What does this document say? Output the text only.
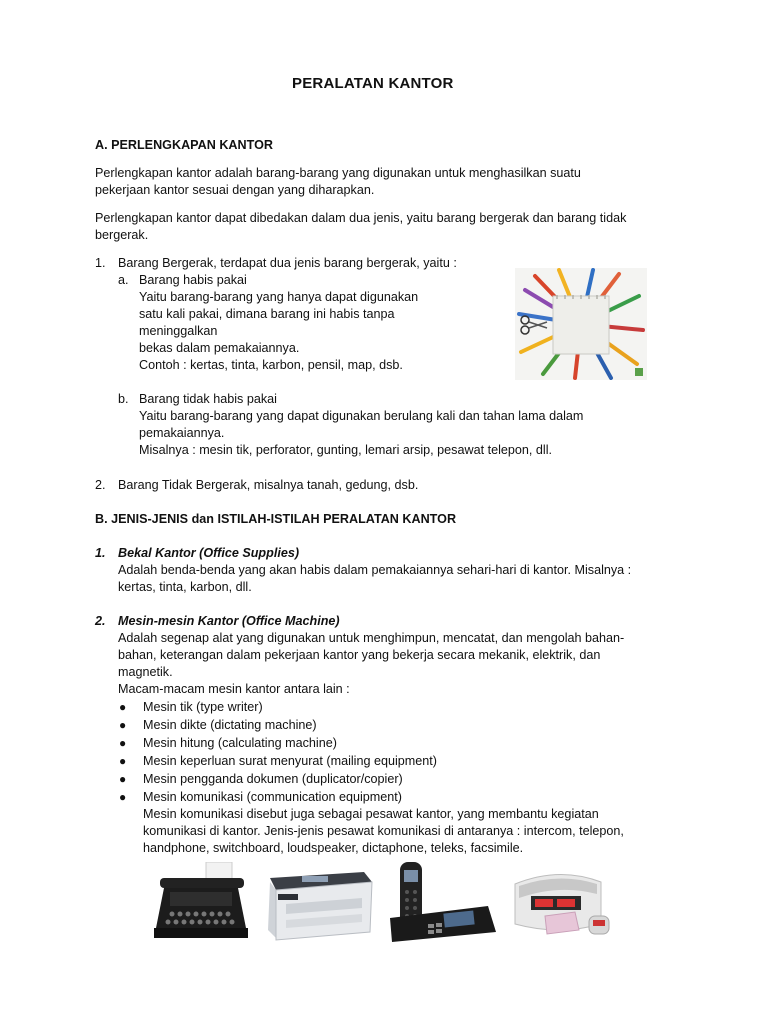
PERALATAN KANTOR
A. PERLENGKAPAN KANTOR
Perlengkapan kantor adalah barang-barang yang digunakan untuk menghasilkan suatu
pekerjaan kantor sesuai dengan yang diharapkan.
Perlengkapan kantor dapat dibedakan dalam dua jenis, yaitu barang bergerak dan barang tidak
bergerak.
1. Barang Bergerak, terdapat dua jenis barang bergerak, yaitu :
a. Barang habis pakai
Yaitu barang-barang yang hanya dapat digunakan
satu kali pakai, dimana barang ini habis tanpa
meninggalkan
bekas dalam pemakaiannya.
Contoh : kertas, tinta, karbon, pensil, map, dsb.
b. Barang tidak habis pakai
Yaitu barang-barang yang dapat digunakan berulang kali dan tahan lama dalam
pemakaiannya.
Misalnya : mesin tik, perforator, gunting, lemari arsip, pesawat telepon, dll.
2. Barang Tidak Bergerak, misalnya tanah, gedung, dsb.
B. JENIS-JENIS dan ISTILAH-ISTILAH PERALATAN KANTOR
1. Bekal Kantor (Office Supplies)
Adalah benda-benda yang akan habis dalam pemakaiannya sehari-hari di kantor. Misalnya :
kertas, tinta, karbon, dll.
2. Mesin-mesin Kantor (Office Machine)
Adalah segenap alat yang digunakan untuk menghimpun, mencatat, dan mengolah bahan-
bahan, keterangan dalam pekerjaan kantor yang bekerja secara mekanik, elektrik, dan
magnetik.
Macam-macam mesin kantor antara lain :
● Mesin tik (type writer)
● Mesin dikte (dictating machine)
● Mesin hitung (calculating machine)
● Mesin keperluan surat menyurat (mailing equipment)
● Mesin pengganda dokumen (duplicator/copier)
● Mesin komunikasi (communication equipment)
Mesin komunikasi disebut juga sebagai pesawat kantor, yang membantu kegiatan
komunikasi di kantor. Jenis-jenis pesawat komunikasi di antaranya : intercom, telepon,
handphone, switchboard, loudspeaker, dictaphone, teleks, facsimile.
